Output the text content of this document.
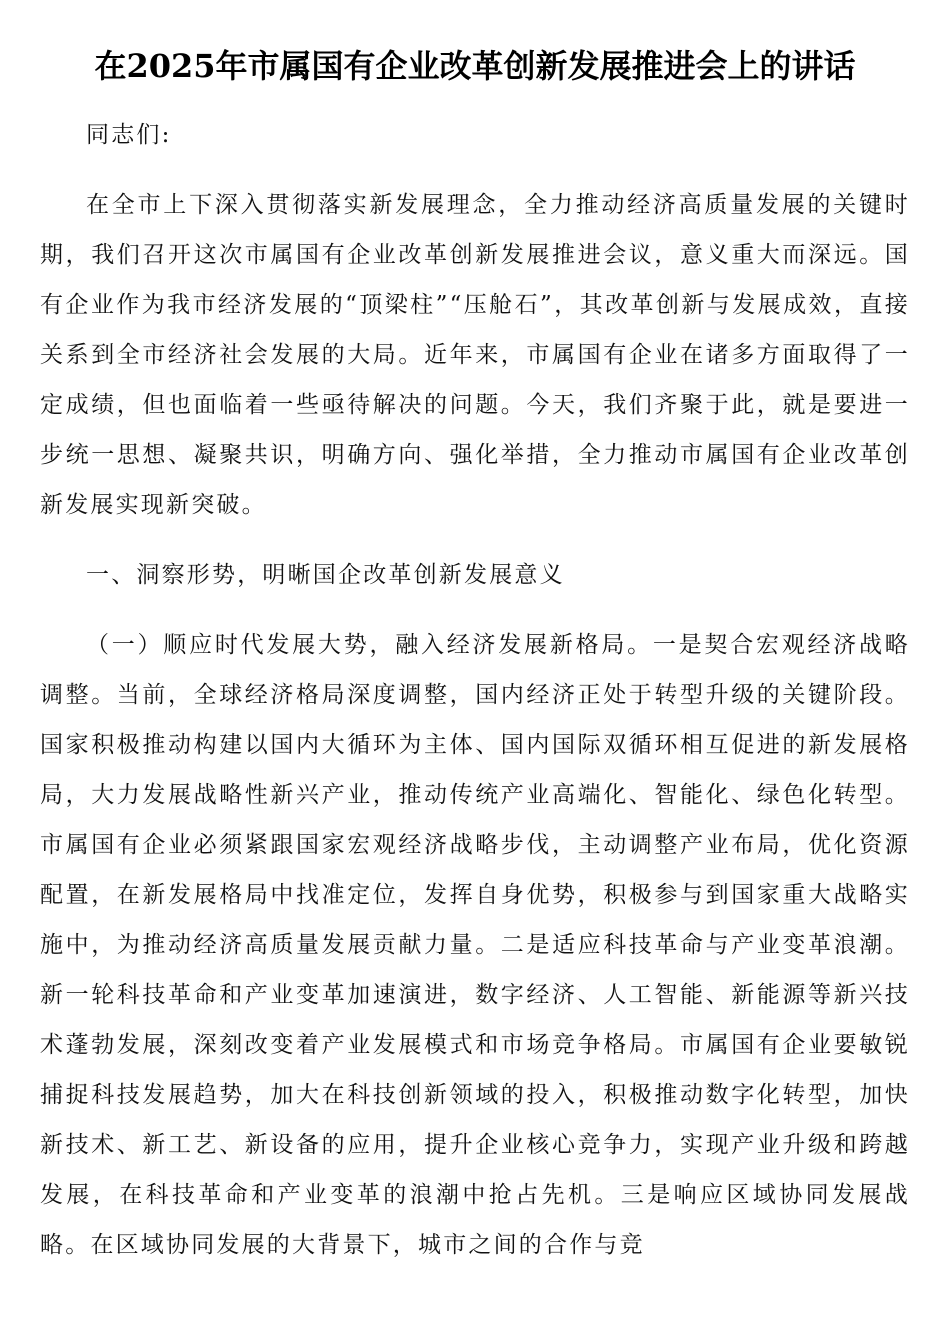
在2025年市属国有企业改革创新发展推进会上的讲话

同志们:

在全市上下深入贯彻落实新发展理念，全力推动经济高质量发展的关键时期，我们召开这次市属国有企业改革创新发展推进会议，意义重大而深远。国有企业作为我市经济发展的“顶梁柱”“压舱石”，其改革创新与发展成效，直接关系到全市经济社会发展的大局。近年来，市属国有企业在诸多方面取得了一定成绩，但也面临着一些亟待解决的问题。今天，我们齐聚于此，就是要进一步统一思想、凝聚共识，明确方向、强化举措，全力推动市属国有企业改革创新发展实现新突破。

一、洞察形势，明晰国企改革创新发展意义

（一）顺应时代发展大势，融入经济发展新格局。一是契合宏观经济战略调整。当前，全球经济格局深度调整，国内经济正处于转型升级的关键阶段。国家积极推动构建以国内大循环为主体、国内国际双循环相互促进的新发展格局，大力发展战略性新兴产业，推动传统产业高端化、智能化、绿色化转型。市属国有企业必须紧跟国家宏观经济战略步伐，主动调整产业布局，优化资源配置，在新发展格局中找准定位，发挥自身优势，积极参与到国家重大战略实施中，为推动经济高质量发展贡献力量。二是适应科技革命与产业变革浪潮。新一轮科技革命和产业变革加速演进，数字经济、人工智能、新能源等新兴技术蓬勃发展，深刻改变着产业发展模式和市场竞争格局。市属国有企业要敏锐捕捉科技发展趋势，加大在科技创新领域的投入，积极推动数字化转型，加快新技术、新工艺、新设备的应用，提升企业核心竞争力，实现产业升级和跨越发展，在科技革命和产业变革的浪潮中抢占先机。三是响应区域协同发展战略。在区域协同发展的大背景下，城市之间的合作与竞
